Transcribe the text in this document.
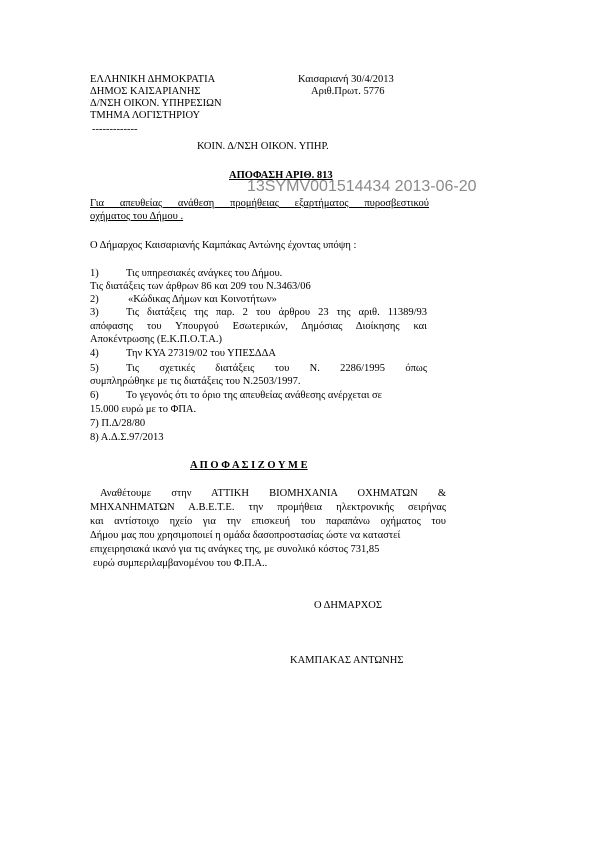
ΕΛΛΗΝΙΚΗ ΔΗΜΟΚΡΑΤΙΑ
ΔΗΜΟΣ ΚΑΙΣΑΡΙΑΝΗΣ
Δ/ΝΣΗ ΟΙΚΟΝ. ΥΠΗΡΕΣΙΩΝ
ΤΜΗΜΑ ΛΟΓΙΣΤΗΡΙΟΥ
-------------
Καισαριανή 30/4/2013
Αριθ.Πρωτ. 5776
ΚΟΙΝ. Δ/ΝΣΗ ΟΙΚΟΝ. ΥΠΗΡ.
ΑΠΟΦΑΣΗ ΑΡΙΘ. 813
13SYMV001514434 2013-06-20
Για απευθείας ανάθεση προμήθειας εξαρτήματος πυροσβεστικού
οχήματος του Δήμου .
Ο Δήμαρχος Καισαριανής Καμπάκας Αντώνης έχοντας υπόψη :
1)	Τις υπηρεσιακές ανάγκες του Δήμου.
Τις διατάξεις των άρθρων 86 και 209 του Ν.3463/06
2)	«Κώδικας Δήμων και Κοινοτήτων»
3)	Τις διατάξεις της παρ. 2 του άρθρου 23 της αριθ. 11389/93
απόφασης του Υπουργού Εσωτερικών, Δημόσιας Διοίκησης και
Αποκέντρωσης (Ε.Κ.Π.Ο.Τ.Α.)
4)	Την ΚΥΑ 27319/02 του ΥΠΕΣΔΔΑ
5)	Τις σχετικές διατάξεις του Ν. 2286/1995 όπως
συμπληρώθηκε με τις διατάξεις του Ν.2503/1997.
6)	Το γεγονός ότι το όριο της απευθείας ανάθεσης ανέρχεται σε
15.000 ευρώ με το ΦΠΑ.
7) Π.Δ/28/80
8) Α.Δ.Σ.97/2013
Α Π Ο Φ Α Σ Ι Ζ Ο Υ Μ Ε
Αναθέτουμε στην ΑΤΤΙΚΗ ΒΙΟΜΗΧΑΝΙΑ ΟΧΗΜΑΤΩΝ &
ΜΗΧΑΝΗΜΑΤΩΝ Α.Β.Ε.Τ.Ε. την προμήθεια ηλεκτρονικής σειρήνας
και αντίστοιχο ηχείο για την επισκευή του παραπάνω οχήματος του
Δήμου μας που χρησιμοποιεί η ομάδα δασοπροστασίας ώστε να καταστεί
επιχειρησιακά ικανό για τις ανάγκες της, με συνολικό κόστος 731,85
ευρώ συμπεριλαμβανομένου του Φ.Π.Α..
Ο ΔΗΜΑΡΧΟΣ
ΚΑΜΠΑΚΑΣ ΑΝΤΩΝΗΣ
